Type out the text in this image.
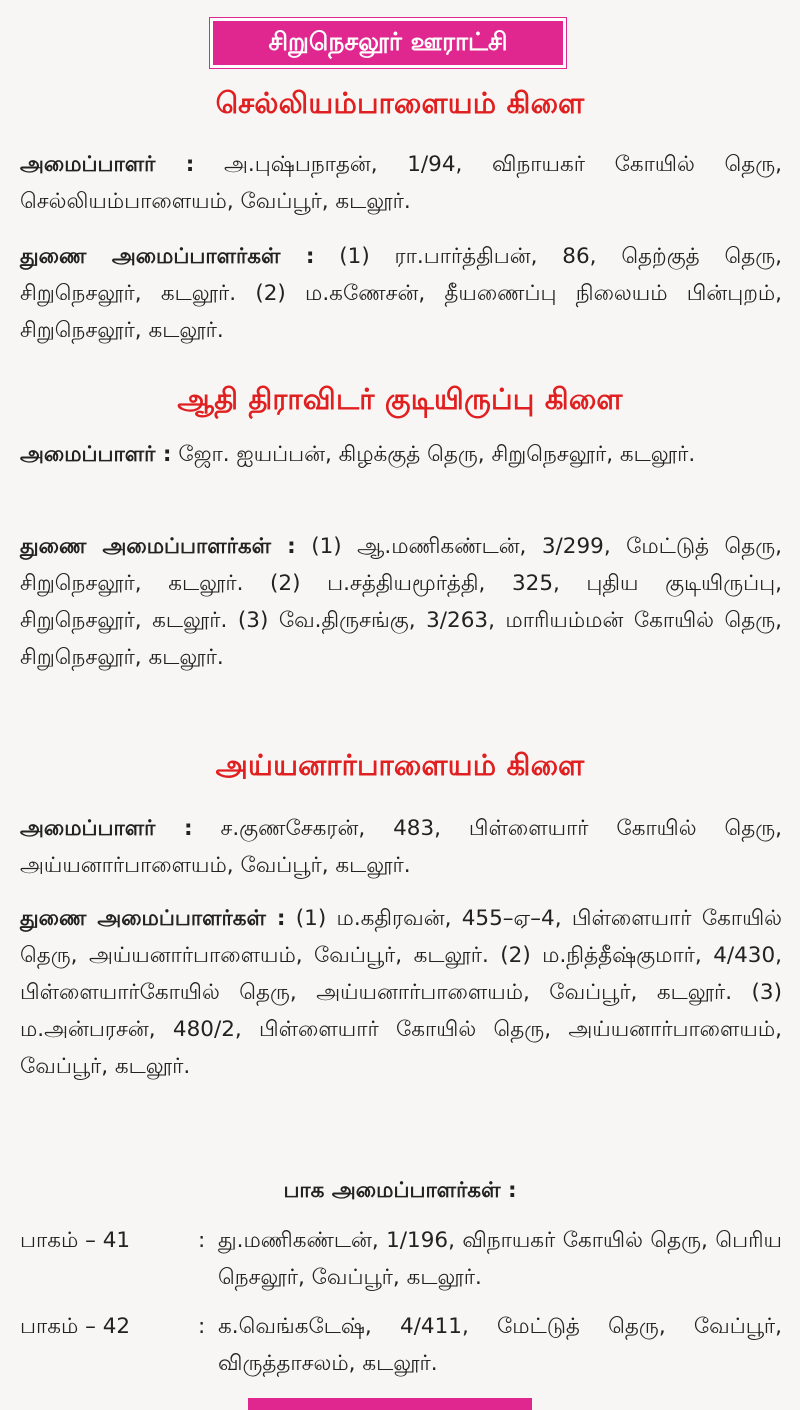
சிறுநெசலூர் ஊராட்சி
செல்லியம்பாளையம் கிளை

அமைப்பாளர் : அ.புஷ்பநாதன், 1/94, விநாயகர் கோயில் தெரு, செல்லியம்பாளையம், வேப்பூர், கடலூர்.

துணை அமைப்பாளர்கள் : (1) ரா.பார்த்திபன், 86, தெற்குத் தெரு, சிறுநெசலூர், கடலூர். (2) ம.கணேசன், தீயணைப்பு நிலையம் பின்புறம், சிறுநெசலூர், கடலூர்.

ஆதி திராவிடர் குடியிருப்பு கிளை

அமைப்பாளர் : ஜோ. ஐயப்பன், கிழக்குத் தெரு, சிறுநெசலூர், கடலூர்.

துணை அமைப்பாளர்கள் : (1) ஆ.மணிகண்டன், 3/299, மேட்டுத் தெரு, சிறுநெசலூர், கடலூர். (2) ப.சத்தியமூர்த்தி, 325, புதிய குடியிருப்பு, சிறுநெசலூர், கடலூர். (3) வே.திருசங்கு, 3/263, மாரியம்மன் கோயில் தெரு, சிறுநெசலூர், கடலூர்.

அய்யனார்பாளையம் கிளை

அமைப்பாளர் : ச.குணசேகரன், 483, பிள்ளையார் கோயில் தெரு, அய்யனார்பாளையம், வேப்பூர், கடலூர்.

துணை அமைப்பாளர்கள் : (1) ம.கதிரவன், 455–ஏ–4, பிள்ளையார் கோயில் தெரு, அய்யனார்பாளையம், வேப்பூர், கடலூர். (2) ம.நித்தீஷ்குமார், 4/430, பிள்ளையார்கோயில் தெரு, அய்யனார்பாளையம், வேப்பூர், கடலூர். (3) ம.அன்பரசன், 480/2, பிள்ளையார் கோயில் தெரு, அய்யனார்பாளையம், வேப்பூர், கடலூர்.

பாக அமைப்பாளர்கள் :

பாகம் – 41	: து.மணிகண்டன், 1/196, விநாயகர் கோயில் தெரு, பெரிய நெசலூர், வேப்பூர், கடலூர்.
பாகம் – 42	: க.வெங்கடேஷ், 4/411, மேட்டுத் தெரு, வேப்பூர், விருத்தாசலம், கடலூர்.
